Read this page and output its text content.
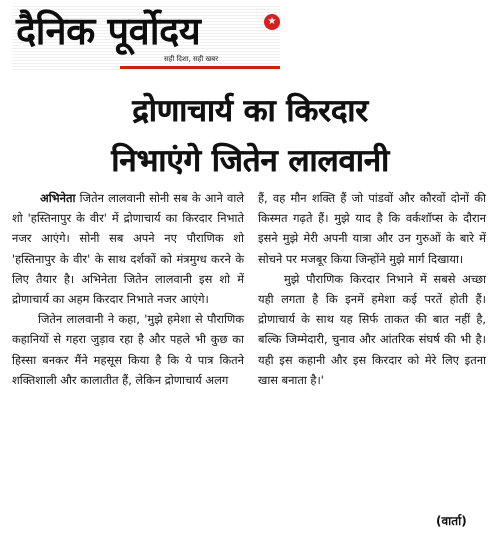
दैनिक पूर्वोदय	★
सही दिशा, सही खबर
द्रोणाचार्य का किरदार
निभाएंगे जितेन लालवानी

अभिनेता जितेन लालवानी सोनी सब के आने वाले शो 'हस्तिनापुर के वीर' में द्रोणाचार्य का किरदार निभाते नजर आएंगे। सोनी सब अपने नए पौराणिक शो 'हस्तिनापुर के वीर' के साथ दर्शकों को मंत्रमुग्ध करने के लिए तैयार है। अभिनेता जितेन लालवानी इस शो में द्रोणाचार्य का अहम किरदार निभाते नजर आएंगे।

जितेन लालवानी ने कहा, 'मुझे हमेशा से पौराणिक कहानियों से गहरा जुड़ाव रहा है और पहले भी कुछ का हिस्सा बनकर मैंने महसूस किया है कि ये पात्र कितने शक्तिशाली और कालातीत हैं, लेकिन द्रोणाचार्य अलग

हैं, वह मौन शक्ति हैं जो पांडवों और कौरवों दोनों की किस्मत गढ़ते हैं। मुझे याद है कि वर्कशॉप्स के दौरान इसने मुझे मेरी अपनी यात्रा और उन गुरुओं के बारे में सोचने पर मजबूर किया जिन्होंने मुझे मार्ग दिखाया।

मुझे पौराणिक किरदार निभाने में सबसे अच्छा यही लगता है कि इनमें हमेशा कई परतें होती हैं। द्रोणाचार्य के साथ यह सिर्फ ताकत की बात नहीं है, बल्कि जिम्मेदारी, चुनाव और आंतरिक संघर्ष की भी है। यही इस कहानी और इस किरदार को मेरे लिए इतना खास बनाता है।'

(वार्ता)
